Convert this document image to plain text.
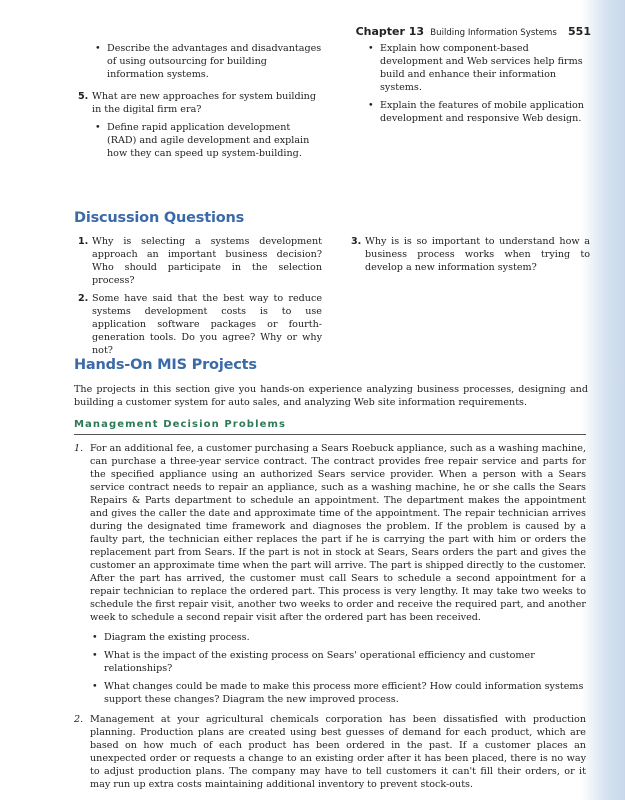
Chapter 13 Building Information Systems 551
• Describe the advantages and disadvantages of using outsourcing for building information systems.
5. What are new approaches for system building in the digital firm era?
• Define rapid application development (RAD) and agile development and explain how they can speed up system-building.
• Explain how component-based development and Web services help firms build and enhance their information systems.
• Explain the features of mobile application development and responsive Web design.
Discussion Questions
1. Why is selecting a systems development approach an important business decision? Who should participate in the selection process?
2. Some have said that the best way to reduce systems development costs is to use application software packages or fourth-generation tools. Do you agree? Why or why not?
3. Why is is so important to understand how a business process works when trying to develop a new information system?
Hands-On MIS Projects
The projects in this section give you hands-on experience analyzing business processes, designing and building a customer system for auto sales, and analyzing Web site information requirements.
Management Decision Problems
1. For an additional fee, a customer purchasing a Sears Roebuck appliance, such as a washing machine, can purchase a three-year service contract. The contract provides free repair service and parts for the specified appliance using an authorized Sears service provider. When a person with a Sears service contract needs to repair an appliance, such as a washing machine, he or she calls the Sears Repairs & Parts department to schedule an appointment. The department makes the appointment and gives the caller the date and approximate time of the appointment. The repair technician arrives during the designated time framework and diagnoses the problem. If the problem is caused by a faulty part, the technician either replaces the part if he is carrying the part with him or orders the replacement part from Sears. If the part is not in stock at Sears, Sears orders the part and gives the customer an approximate time when the part will arrive. The part is shipped directly to the customer. After the part has arrived, the customer must call Sears to schedule a second appointment for a repair technician to replace the ordered part. This process is very lengthy. It may take two weeks to schedule the first repair visit, another two weeks to order and receive the required part, and another week to schedule a second repair visit after the ordered part has been received.
• Diagram the existing process.
• What is the impact of the existing process on Sears' operational efficiency and customer relationships?
• What changes could be made to make this process more efficient? How could information systems support these changes? Diagram the new improved process.
2. Management at your agricultural chemicals corporation has been dissatisfied with production planning. Production plans are created using best guesses of demand for each product, which are based on how much of each product has been ordered in the past. If a customer places an unexpected order or requests a change to an existing order after it has been placed, there is no way to adjust production plans. The company may have to tell customers it can't fill their orders, or it may run up extra costs maintaining additional inventory to prevent stock-outs.
